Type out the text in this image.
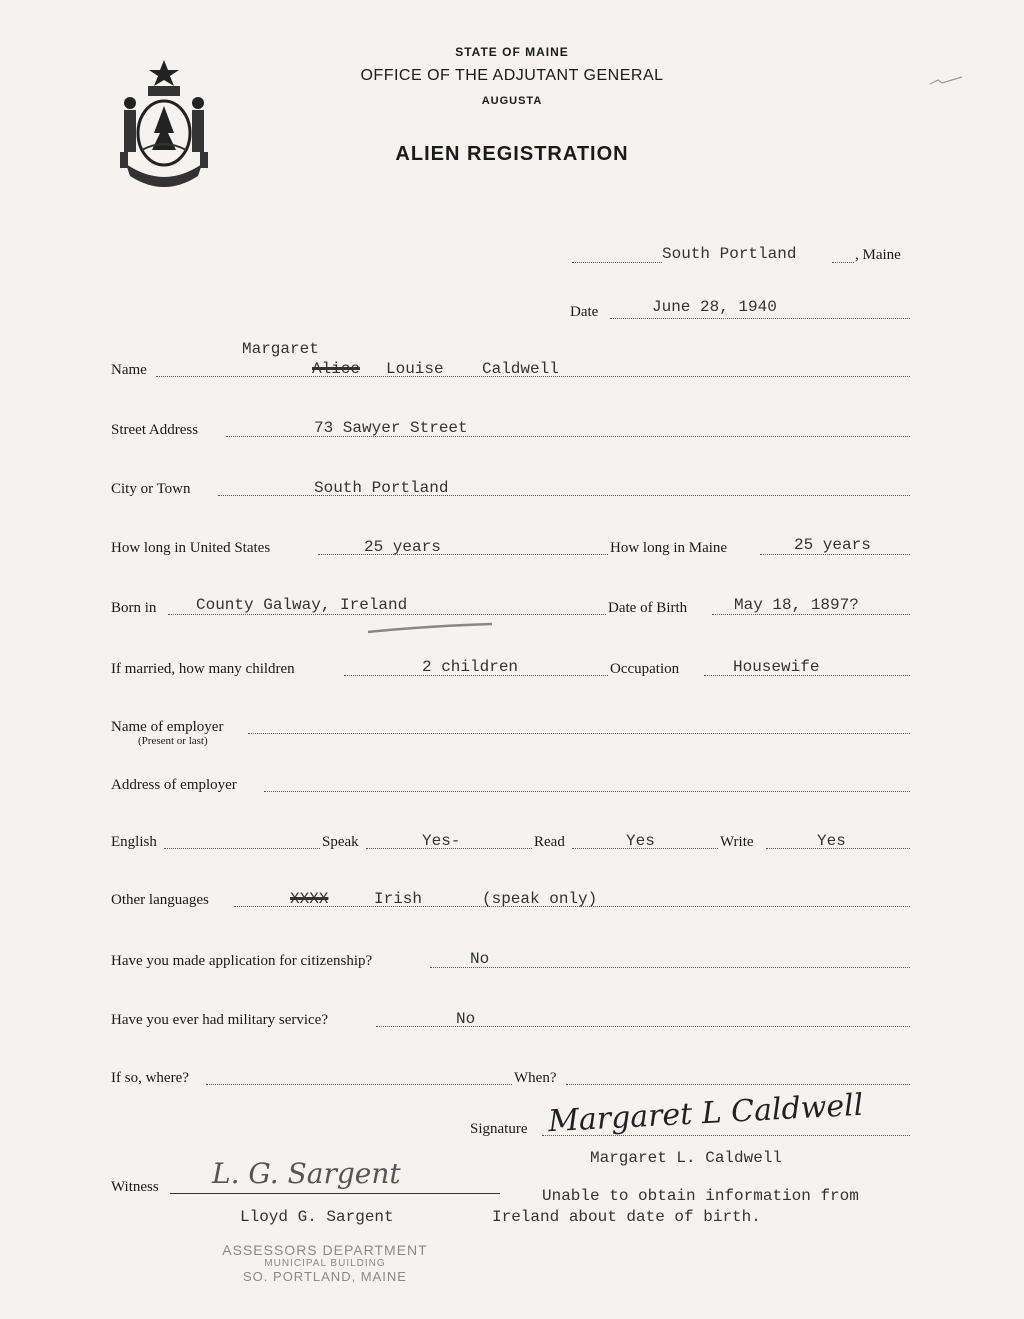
MAINE
STATE OF MAINE
OFFICE OF THE ADJUTANT GENERAL
AUGUSTA
ALIEN REGISTRATION
South Portland	, Maine
Date	June 28, 1940
Margaret
Name	Alice Louise Caldwell
Street Address	73 Sawyer Street
City or Town	South Portland
How long in United States	25 years	How long in Maine	25 years
Born in County Galway, Ireland	Date of Birth	May 18, 1897?
If married, how many children	2 children	Occupation	Housewife
Name of employer
(Present or last)
Address of employer
English	Speak	Yes-	Read	Yes	Write	Yes
Other languages	XXXX	Irish	(speak only)
Have you made application for citizenship?	No
Have you ever had military service?	No
If so, where?	When?
Signature Margaret L Caldwell
Margaret L. Caldwell
Witness L. G. Sargent
Lloyd G. Sargent
Unable to obtain information from
Ireland about date of birth.
ASSESSORS DEPARTMENT
MUNICIPAL BUILDING
SO. PORTLAND, MAINE
